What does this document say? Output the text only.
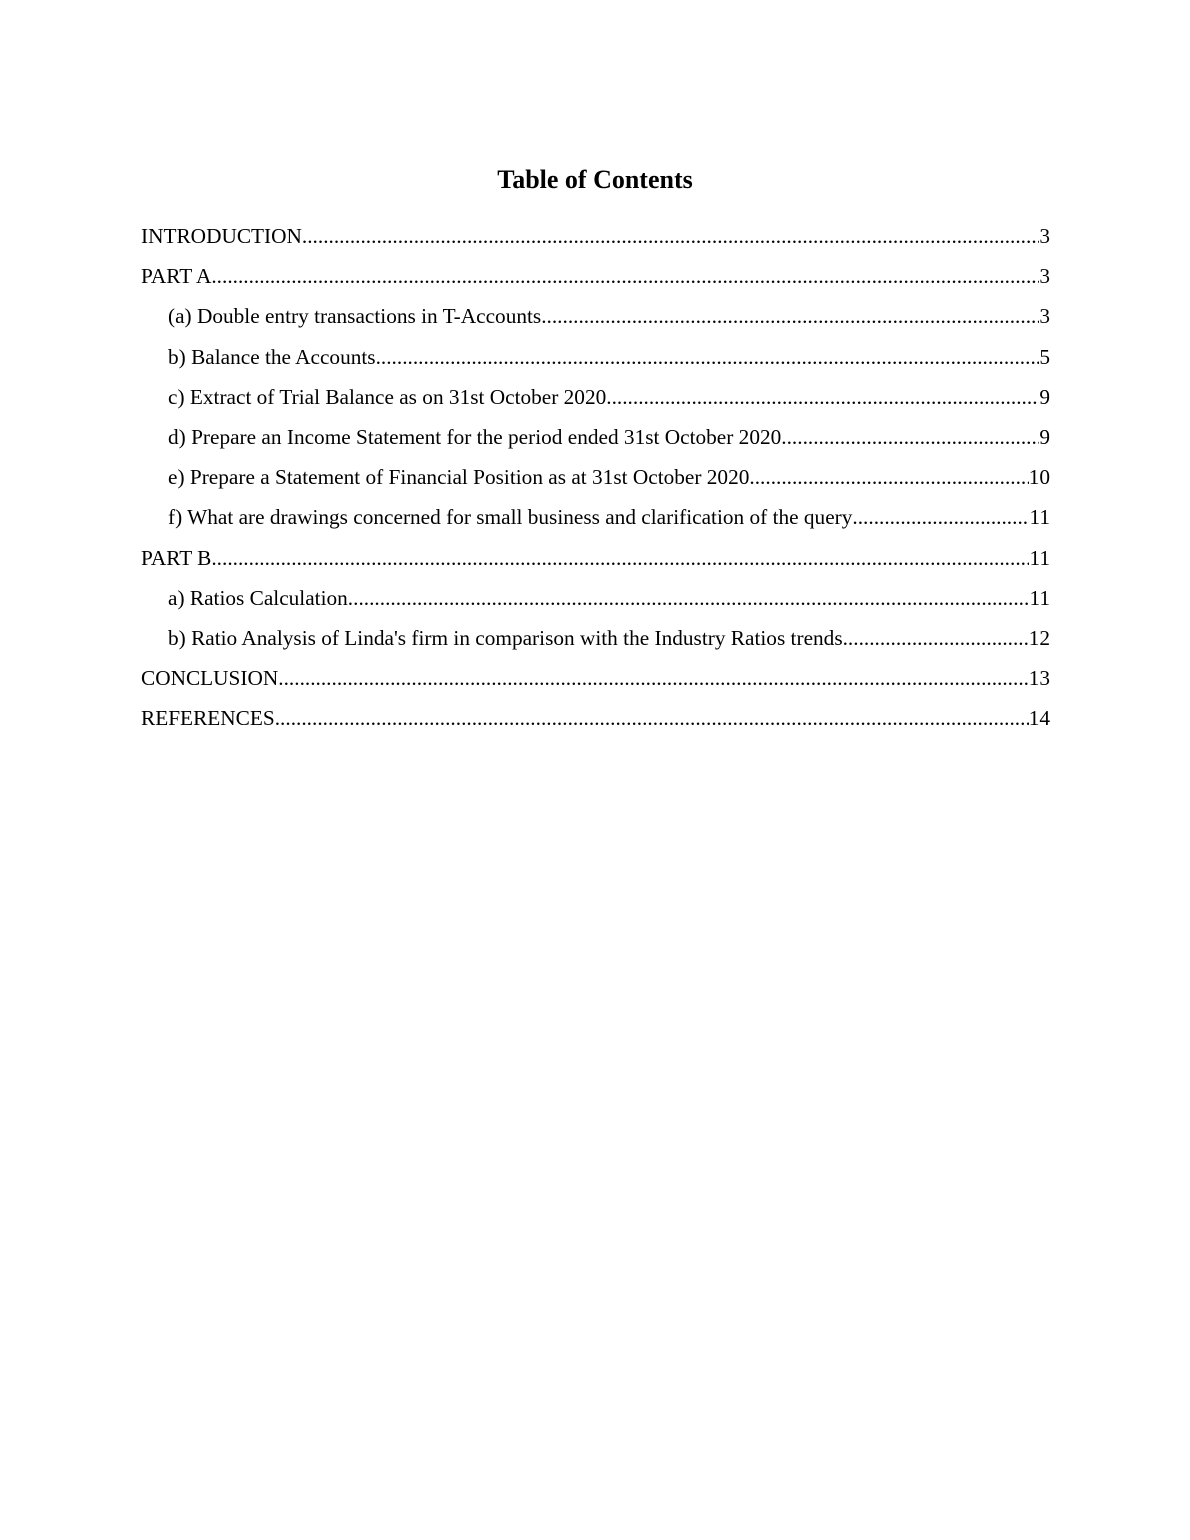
Table of Contents
INTRODUCTION .....	3
PART A .....	3
(a) Double entry transactions in T-Accounts .....	3
b) Balance the Accounts .....	5
c) Extract of Trial Balance as on 31st October 2020 .....	9
d) Prepare an Income Statement for the period ended 31st October 2020 .....	9
e) Prepare a Statement of Financial Position as at 31st October 2020 .....	10
f) What are drawings concerned for small business and clarification of the query .....	11
PART B .....	11
a) Ratios Calculation .....	11
b) Ratio Analysis of Linda's firm in comparison with the Industry Ratios trends .....	12
CONCLUSION .....	13
REFERENCES .....	14
